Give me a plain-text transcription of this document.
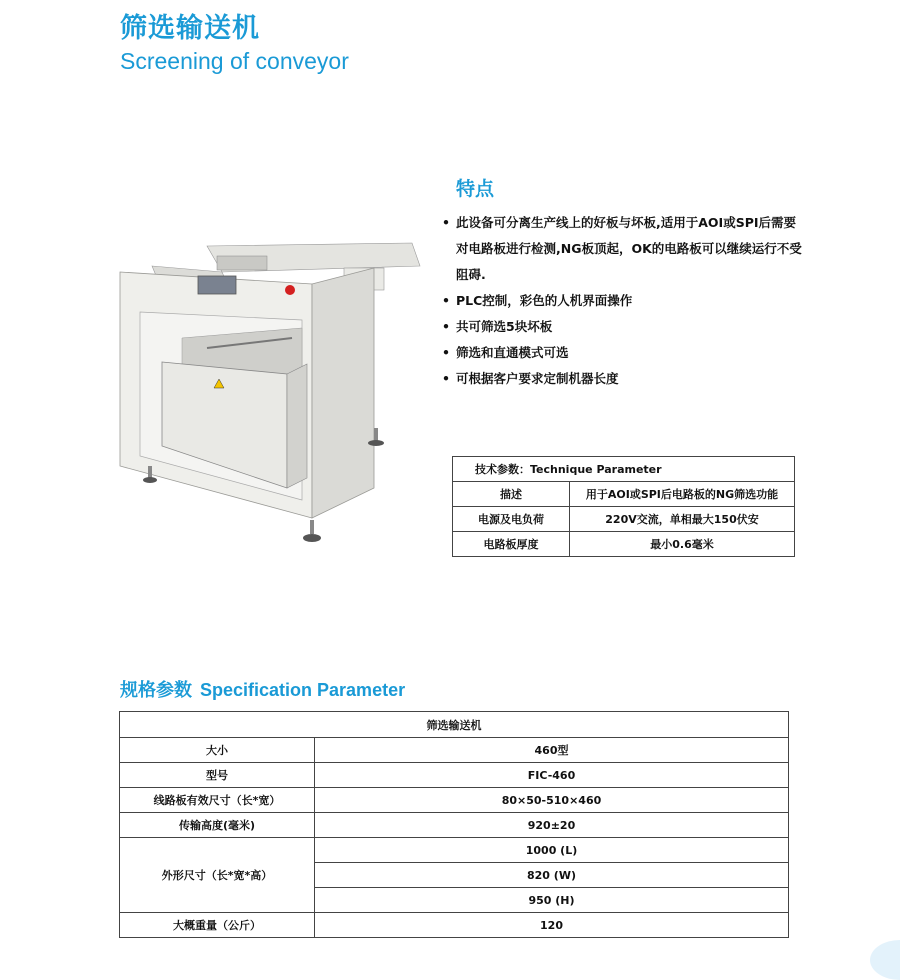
筛选输送机
Screening of conveyor
特点
• 此设备可分离生产线上的好板与坏板,适用于AOI或SPI后需要对电路板进行检测,NG板顶起，OK的电路板可以继续运行不受阻碍.
• PLC控制，彩色的人机界面操作
• 共可筛选5块坏板
• 筛选和直通模式可选
• 可根据客户要求定制机器长度
技术参数：Technique Parameter	
描述	用于AOI或SPI后电路板的NG筛选功能
电源及电负荷	220V交流，单相最大150伏安
电路板厚度	最小0.6毫米
规格参数 Specification Parameter
筛选输送机	
大小	460型
型号	FIC-460
线路板有效尺寸（长*宽）	80×50-510×460
传输高度(毫米)	920±20
外形尺寸（长*宽*高）	1000 (L)
	820 (W)
	950 (H)
大概重量（公斤）	120
